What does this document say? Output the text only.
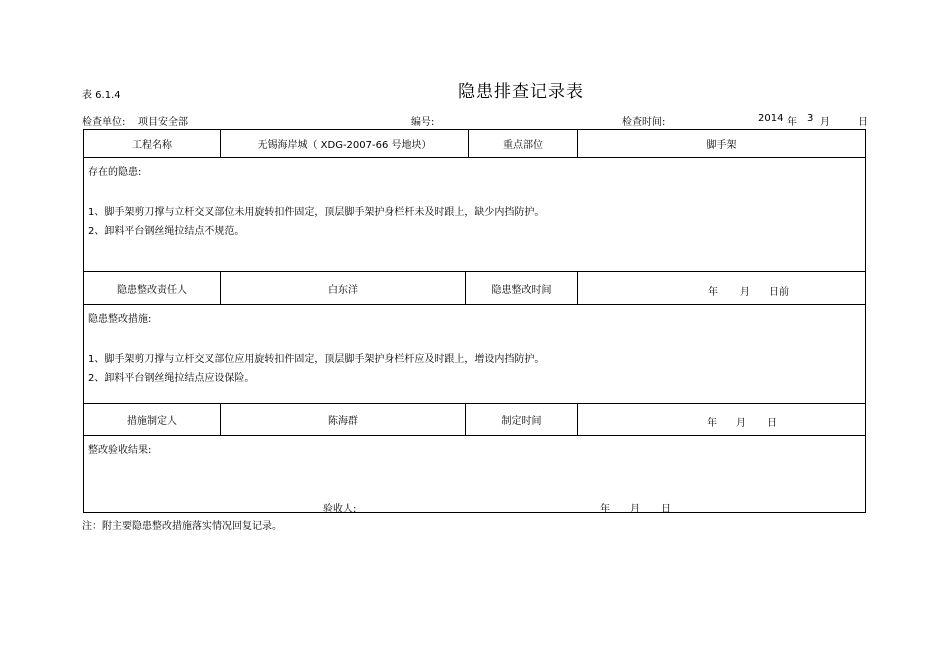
表 6.1.4	隐患排查记录表
检查单位: 项目安全部	编号:	检查时间:	2014 年 3 月	日
工程名称	无锡海岸城（ XDG-2007-66 号地块）	重点部位	脚手架
存在的隐患:
1、脚手架剪刀撑与立杆交叉部位未用旋转扣件固定，顶层脚手架护身栏杆未及时跟上，缺少内挡防护。
2、卸料平台钢丝绳拉结点不规范。
隐患整改责任人	白东洋	隐患整改时间	年 月 日前
隐患整改措施:
1、脚手架剪刀撑与立杆交叉部位应用旋转扣件固定，顶层脚手架护身栏杆应及时跟上，增设内挡防护。
2、卸料平台钢丝绳拉结点应设保险。
措施制定人	陈海群	制定时间	年 月 日
整改验收结果:
验收人:	年 月 日
注：附主要隐患整改措施落实情况回复记录。
